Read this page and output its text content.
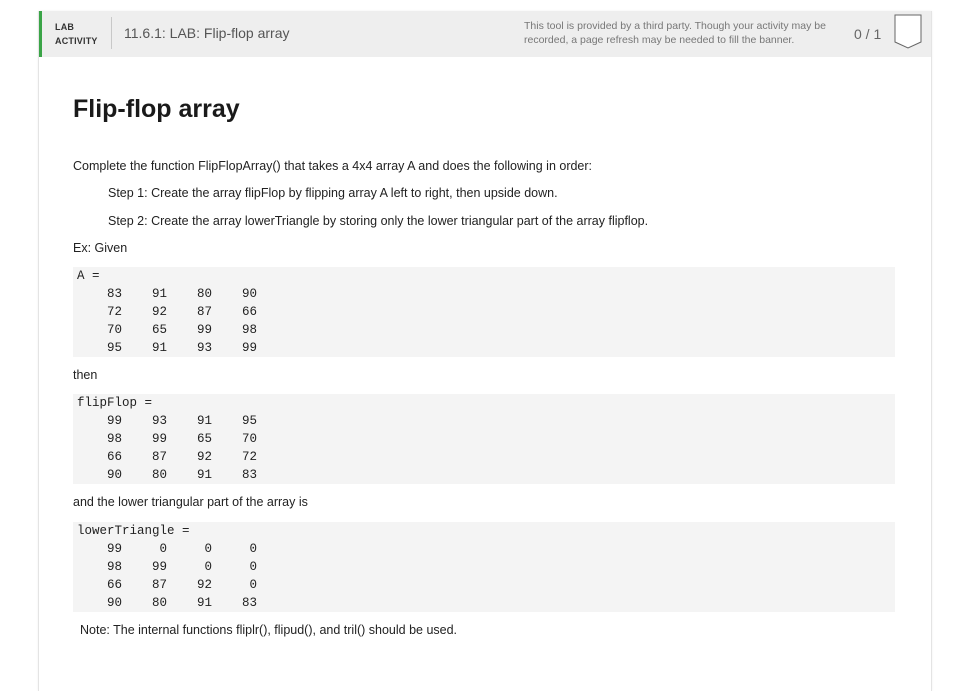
LAB
ACTIVITY 11.6.1: LAB: Flip-flop array	This tool is provided by a third party. Though your activity may be recorded, a page refresh may be needed to fill the banner.	0 / 1
Flip-flop array
Complete the function FlipFlopArray() that takes a 4x4 array A and does the following in order:
Step 1: Create the array flipFlop by flipping array A left to right, then upside down.
Step 2: Create the array lowerTriangle by storing only the lower triangular part of the array flipflop.
Ex: Given
A =
83    91    80    90
72    92    87    66
70    65    99    98
95    91    93    99
then
flipFlop =
99    93    91    95
98    99    65    70
66    87    92    72
90    80    91    83
and the lower triangular part of the array is
lowerTriangle =
99     0     0     0
98    99     0     0
66    87    92     0
90    80    91    83
Note: The internal functions fliplr(), flipud(), and tril() should be used.
